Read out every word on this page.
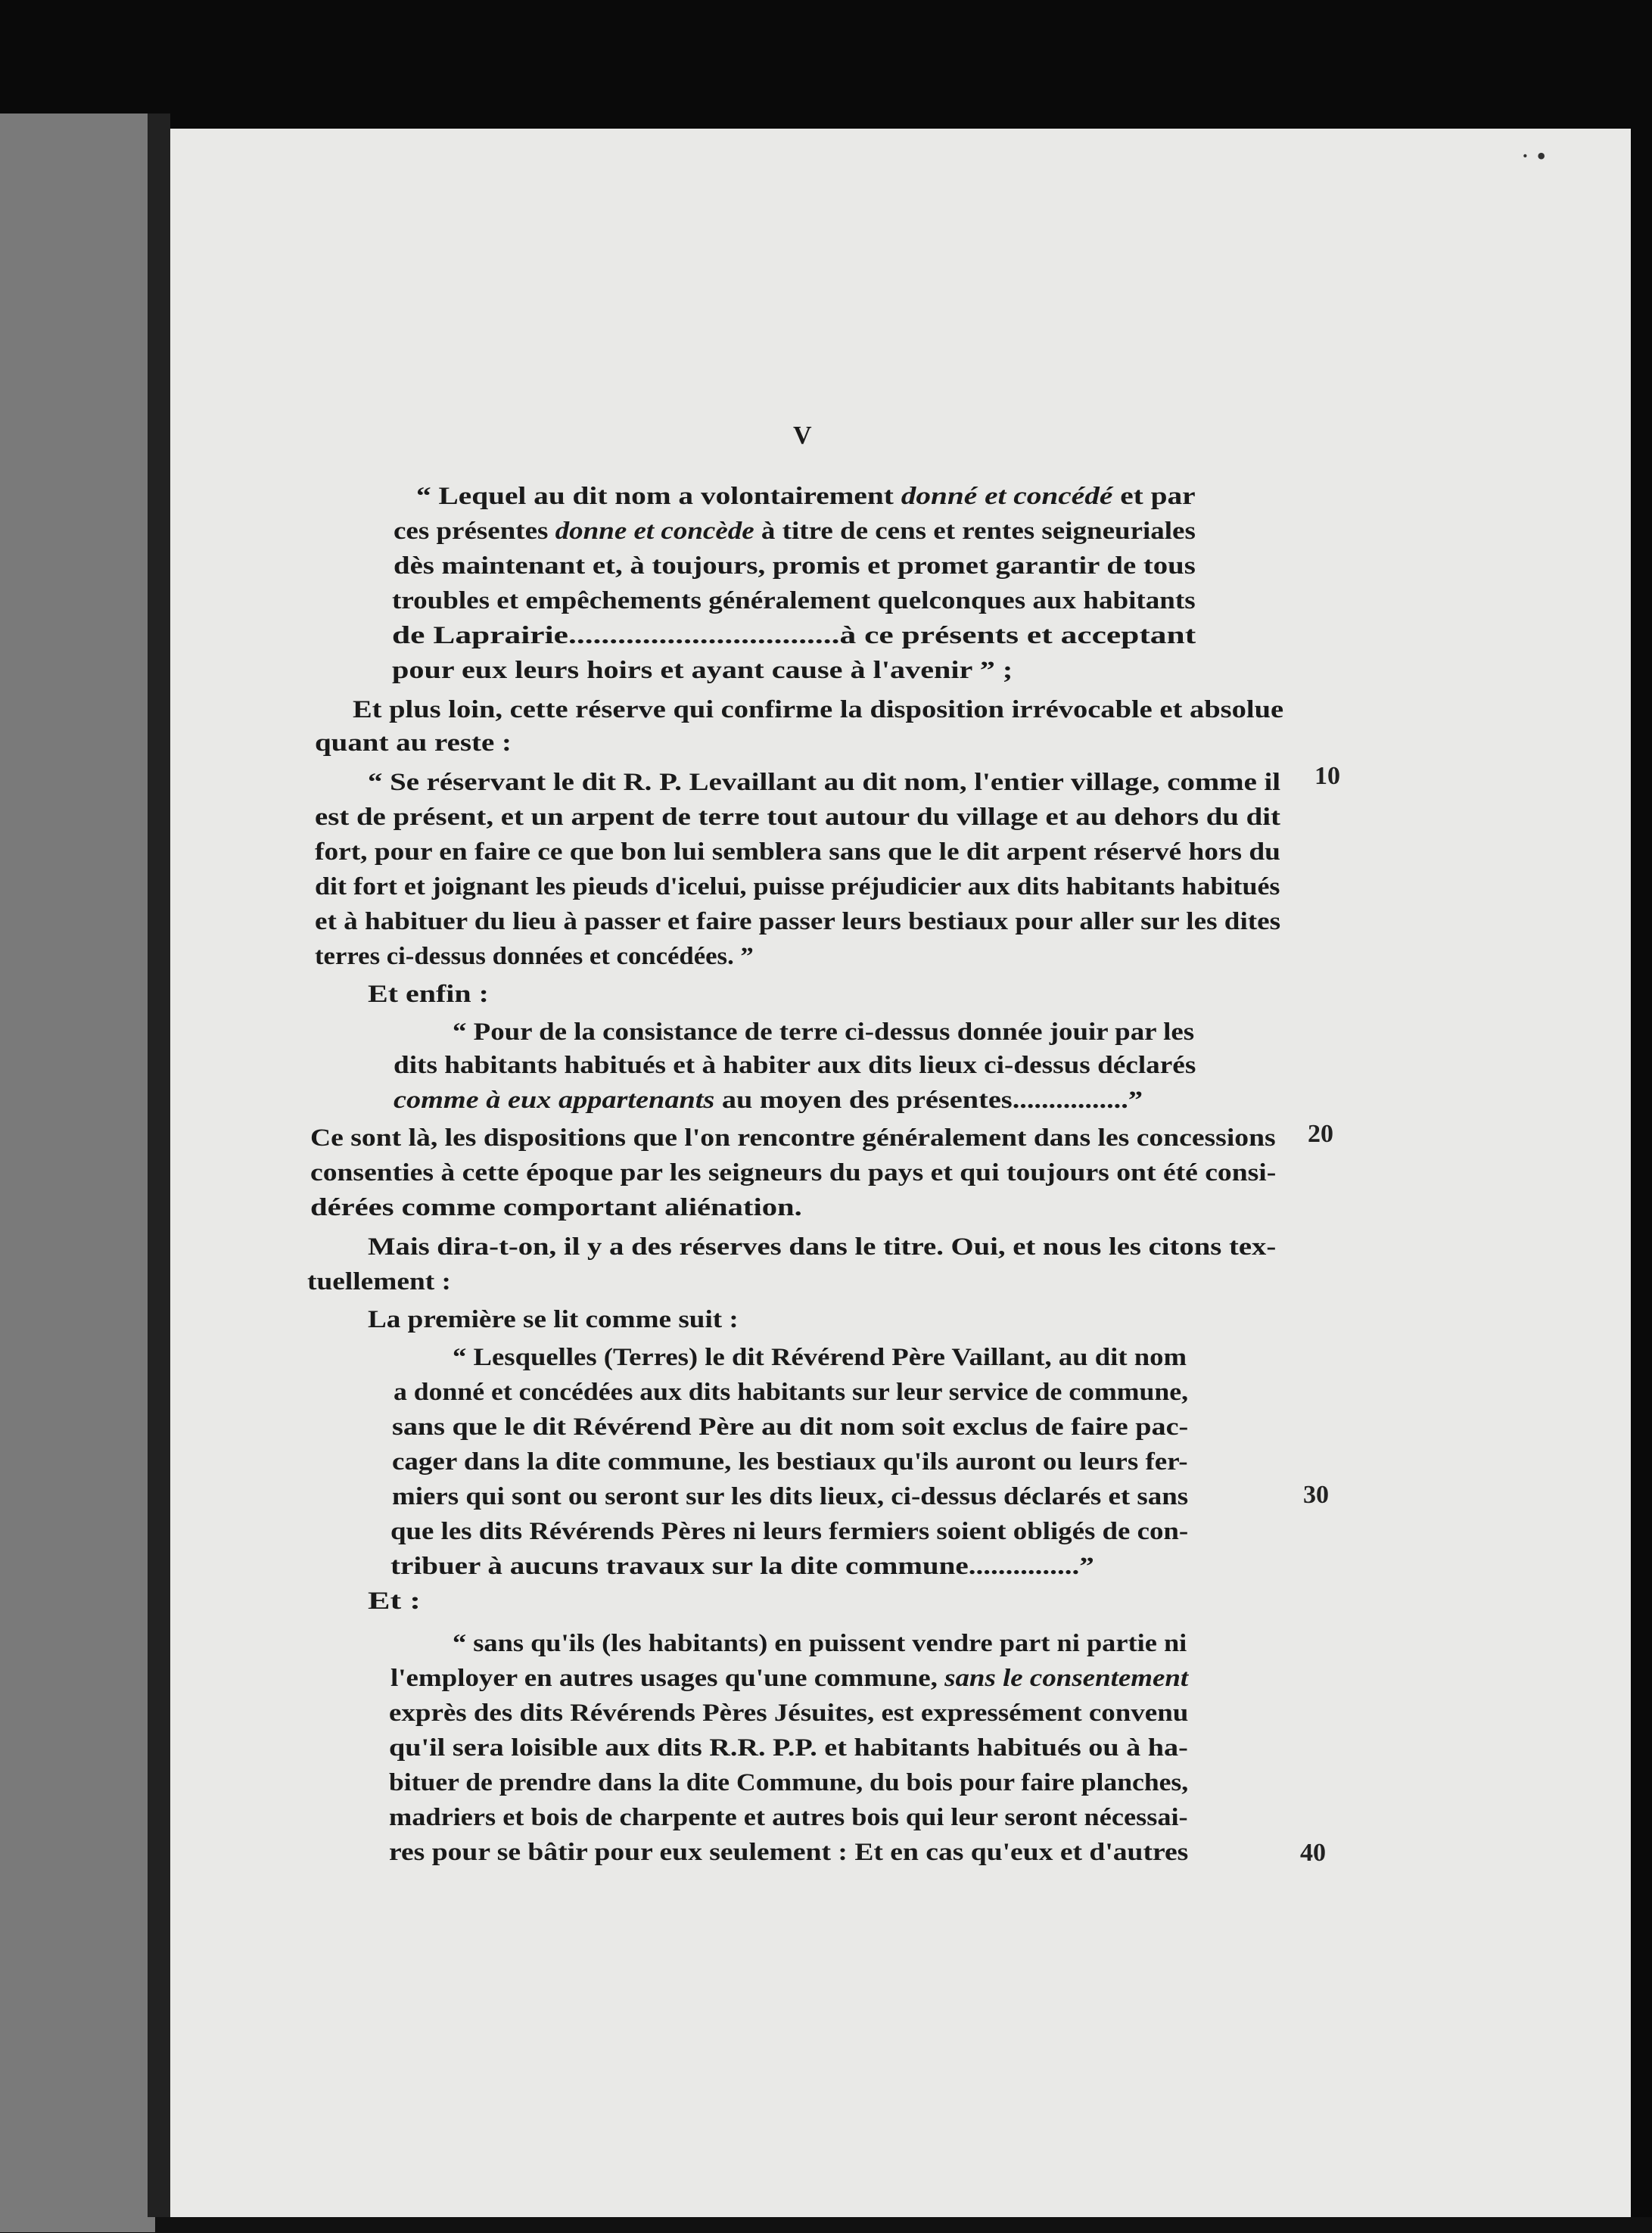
· •
V
10
20
30
40
“ Lequel au dit nom a volontairement donné et concédé et par
ces présentes donne et concède à titre de cens et rentes seigneuriales
dès maintenant et, à toujours, promis et promet garantir de tous
troubles et empêchements généralement quelconques aux habitants
de Laprairie.................................à ce présents et acceptant
pour eux leurs hoirs et ayant cause à l'avenir ” ;
Et plus loin, cette réserve qui confirme la disposition irrévocable et absolue
quant au reste :
“ Se réservant le dit R. P. Levaillant au dit nom, l'entier village, comme il
est de présent, et un arpent de terre tout autour du village et au dehors du dit
fort, pour en faire ce que bon lui semblera sans que le dit arpent réservé hors du
dit fort et joignant les pieuds d'icelui, puisse préjudicier aux dits habitants habitués
et à habituer du lieu à passer et faire passer leurs bestiaux pour aller sur les dites
terres ci-dessus données et concédées. ”
Et enfin :
“ Pour de la consistance de terre ci-dessus donnée jouir par les
dits habitants habitués et à habiter aux dits lieux ci-dessus déclarés
comme à eux appartenants au moyen des présentes................”
Ce sont là, les dispositions que l'on rencontre généralement dans les concessions
consenties à cette époque par les seigneurs du pays et qui toujours ont été consi-
dérées comme comportant aliénation.
Mais dira-t-on, il y a des réserves dans le titre. Oui, et nous les citons tex-
tuellement :
La première se lit comme suit :
“ Lesquelles (Terres) le dit Révérend Père Vaillant, au dit nom
a donné et concédées aux dits habitants sur leur service de commune,
sans que le dit Révérend Père au dit nom soit exclus de faire pac-
cager dans la dite commune, les bestiaux qu'ils auront ou leurs fer-
miers qui sont ou seront sur les dits lieux, ci-dessus déclarés et sans
que les dits Révérends Pères ni leurs fermiers soient obligés de con-
tribuer à aucuns travaux sur la dite commune...............”
Et :
“ sans qu'ils (les habitants) en puissent vendre part ni partie ni
l'employer en autres usages qu'une commune, sans le consentement
exprès des dits Révérends Pères Jésuites, est expressément convenu
qu'il sera loisible aux dits R.R. P.P. et habitants habitués ou à ha-
bituer de prendre dans la dite Commune, du bois pour faire planches,
madriers et bois de charpente et autres bois qui leur seront nécessai-
res pour se bâtir pour eux seulement : Et en cas qu'eux et d'autres
